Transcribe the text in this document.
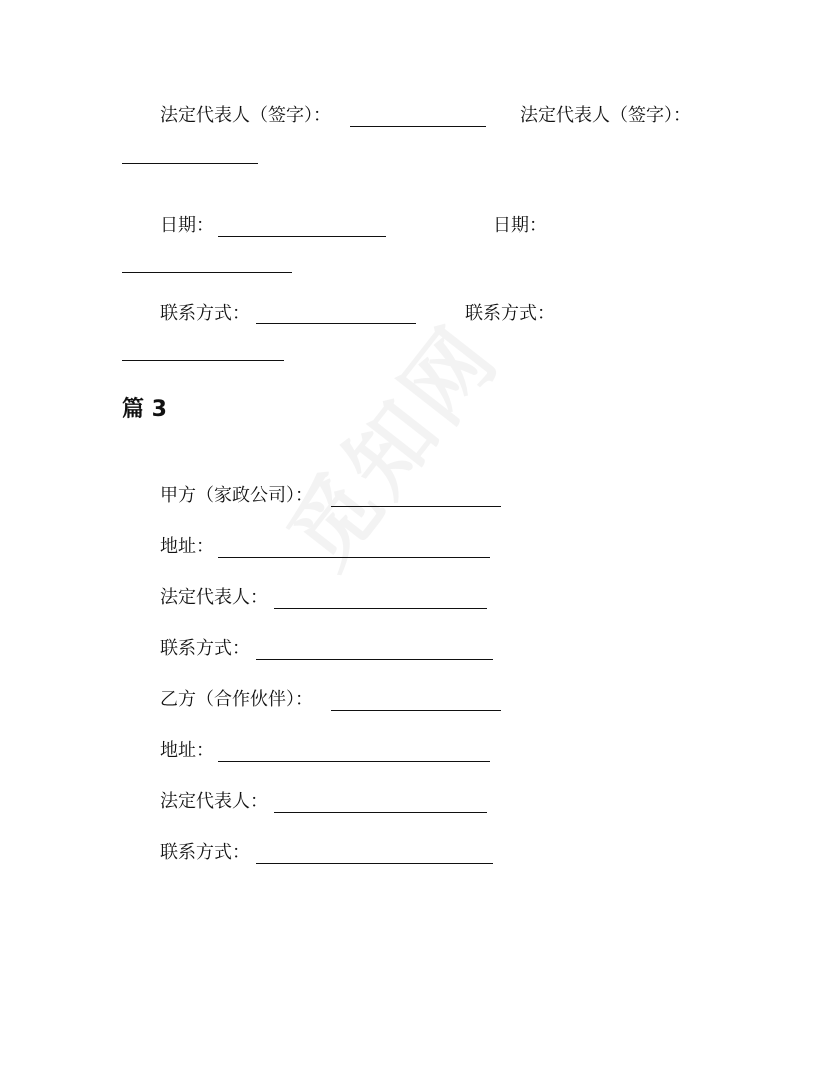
法定代表人（签字）：	法定代表人（签字）：
日期：	日期：
联系方式：	联系方式：
篇 3
甲方（家政公司）：
地址：
法定代表人：
联系方式：
乙方（合作伙伴）：
地址：
法定代表人：
联系方式：
